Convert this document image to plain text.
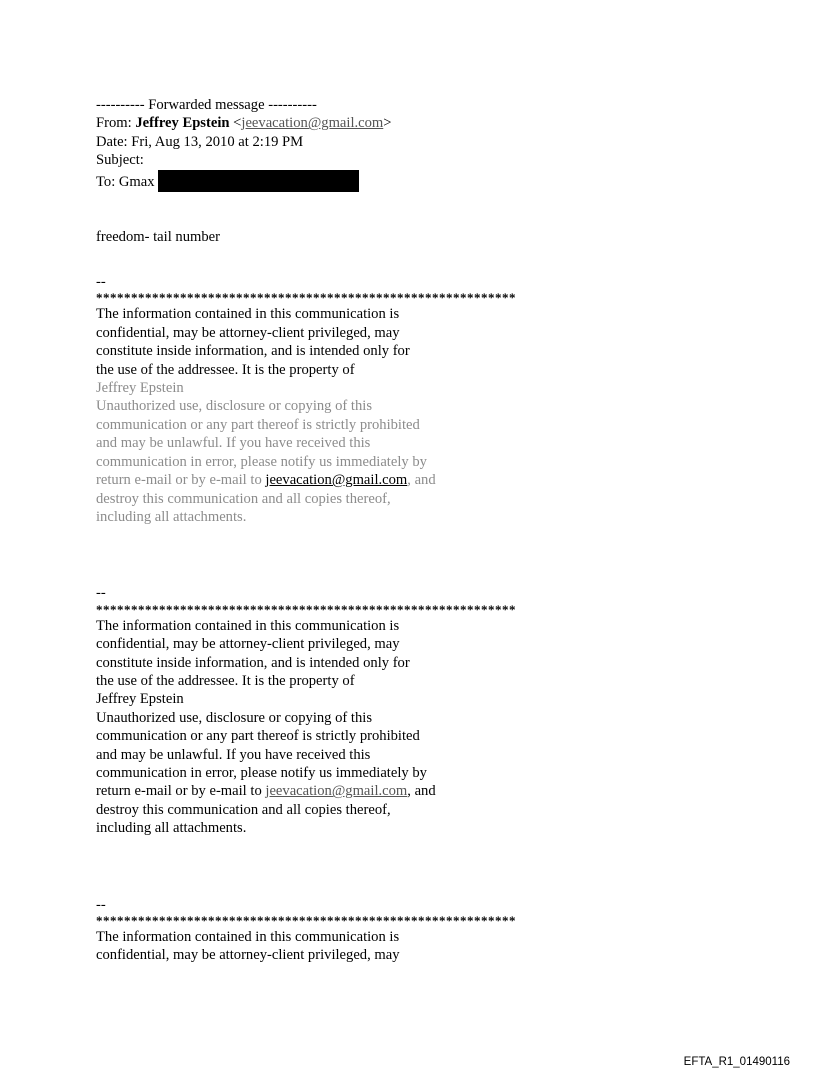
---------- Forwarded message ----------
From: Jeffrey Epstein <jeevacation@gmail.com>
Date: Fri, Aug 13, 2010 at 2:19 PM
Subject:
To: Gmax
freedom- tail number
--
************************************************************
The information contained in this communication is
confidential, may be attorney-client privileged, may
constitute inside information, and is intended only for
the use of the addressee. It is the property of
Jeffrey Epstein
Unauthorized use, disclosure or copying of this
communication or any part thereof is strictly prohibited
and may be unlawful. If you have received this
communication in error, please notify us immediately by
return e-mail or by e-mail to jeevacation@gmail.com, and
destroy this communication and all copies thereof,
including all attachments.
--
************************************************************
The information contained in this communication is
confidential, may be attorney-client privileged, may
constitute inside information, and is intended only for
the use of the addressee. It is the property of
Jeffrey Epstein
Unauthorized use, disclosure or copying of this
communication or any part thereof is strictly prohibited
and may be unlawful. If you have received this
communication in error, please notify us immediately by
return e-mail or by e-mail to jeevacation@gmail.com, and
destroy this communication and all copies thereof,
including all attachments.
--
************************************************************
The information contained in this communication is
confidential, may be attorney-client privileged, may
EFTA_R1_01490116
